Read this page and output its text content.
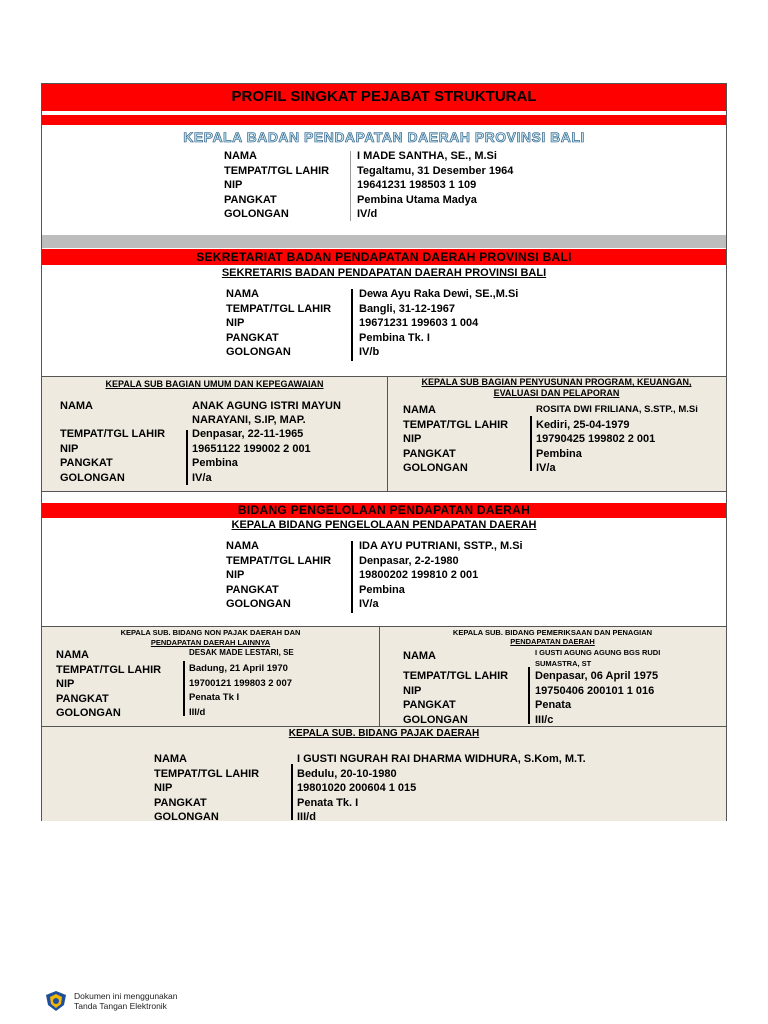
PROFIL SINGKAT PEJABAT STRUKTURAL
KEPALA BADAN PENDAPATAN DAERAH PROVINSI BALI
NAMA
TEMPAT/TGL LAHIR
NIP
PANGKAT
GOLONGAN
I MADE SANTHA, SE., M.Si
Tegaltamu, 31 Desember 1964
19641231 198503 1 109
Pembina Utama Madya
IV/d
SEKRETARIAT BADAN PENDAPATAN DAERAH PROVINSI BALI
SEKRETARIS BADAN PENDAPATAN DAERAH PROVINSI BALI
NAMA
TEMPAT/TGL LAHIR
NIP
PANGKAT
GOLONGAN
Dewa Ayu Raka Dewi, SE.,M.Si
Bangli, 31-12-1967
19671231 199603 1 004
Pembina Tk. I
IV/b
KEPALA SUB BAGIAN UMUM DAN KEPEGAWAIAN
NAMA
TEMPAT/TGL LAHIR
NIP
PANGKAT
GOLONGAN
ANAK AGUNG ISTRI MAYUN
NARAYANI, S.IP, MAP.
Denpasar, 22-11-1965
19651122 199002 2 001
Pembina
IV/a
KEPALA SUB BAGIAN PENYUSUNAN PROGRAM, KEUANGAN,
EVALUASI DAN PELAPORAN
NAMA
TEMPAT/TGL LAHIR
NIP
PANGKAT
GOLONGAN
ROSITA DWI FRILIANA, S.STP., M.Si
Kediri, 25-04-1979
19790425 199802 2 001
Pembina
IV/a
BIDANG PENGELOLAAN PENDAPATAN DAERAH
KEPALA BIDANG PENGELOLAAN PENDAPATAN DAERAH
NAMA
TEMPAT/TGL LAHIR
NIP
PANGKAT
GOLONGAN
IDA AYU PUTRIANI, SSTP., M.Si
Denpasar, 2-2-1980
19800202 199810 2 001
Pembina
IV/a
KEPALA SUB. BIDANG NON PAJAK DAERAH DAN
PENDAPATAN DAERAH LAINNYA
NAMA
TEMPAT/TGL LAHIR
NIP
PANGKAT
GOLONGAN
DESAK MADE LESTARI, SE
Badung, 21 April 1970
19700121 199803 2 007
Penata Tk I
III/d
KEPALA SUB. BIDANG PEMERIKSAAN DAN PENAGIAN
PENDAPATAN DAERAH
NAMA
TEMPAT/TGL LAHIR
NIP
PANGKAT
GOLONGAN
I GUSTI AGUNG AGUNG BGS RUDI
SUMASTRA, ST
Denpasar, 06 April 1975
19750406 200101 1 016
Penata
III/c
KEPALA SUB. BIDANG PAJAK DAERAH
NAMA
TEMPAT/TGL LAHIR
NIP
PANGKAT
GOLONGAN
I GUSTI NGURAH RAI DHARMA WIDHURA, S.Kom, M.T.
Bedulu, 20-10-1980
19801020 200604 1 015
Penata Tk. I
III/d
Dokumen ini menggunakan
Tanda Tangan Elektronik
